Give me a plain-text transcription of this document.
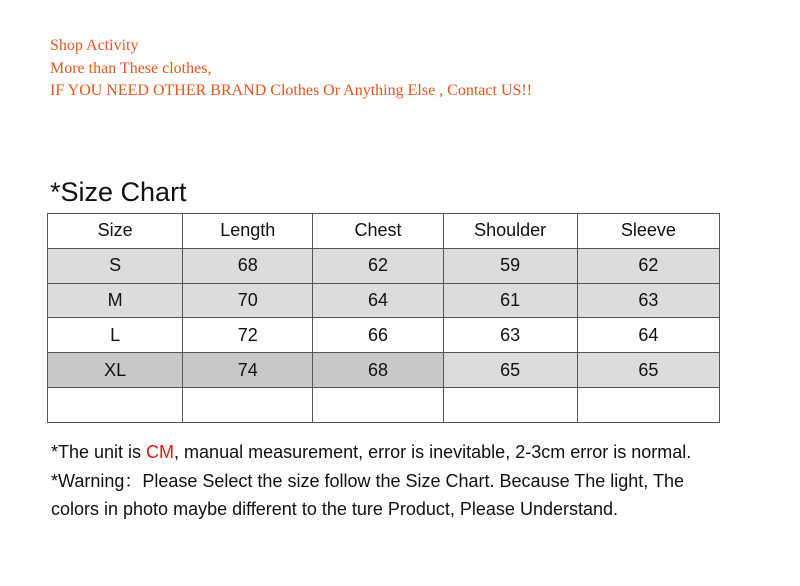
Shop Activity
More than These clothes,
IF YOU NEED OTHER BRAND Clothes Or Anything Else , Contact US!!
*Size Chart
Size	Length	Chest	Shoulder	Sleeve
S	68	62	59	62
M	70	64	61	63
L	72	66	63	64
XL	74	68	65	65

*The unit is CM, manual measurement, error is inevitable, 2-3cm error is normal. *Warning：Please Select the size follow the Size Chart. Because The light, The colors in photo maybe different to the ture Product, Please Understand.
